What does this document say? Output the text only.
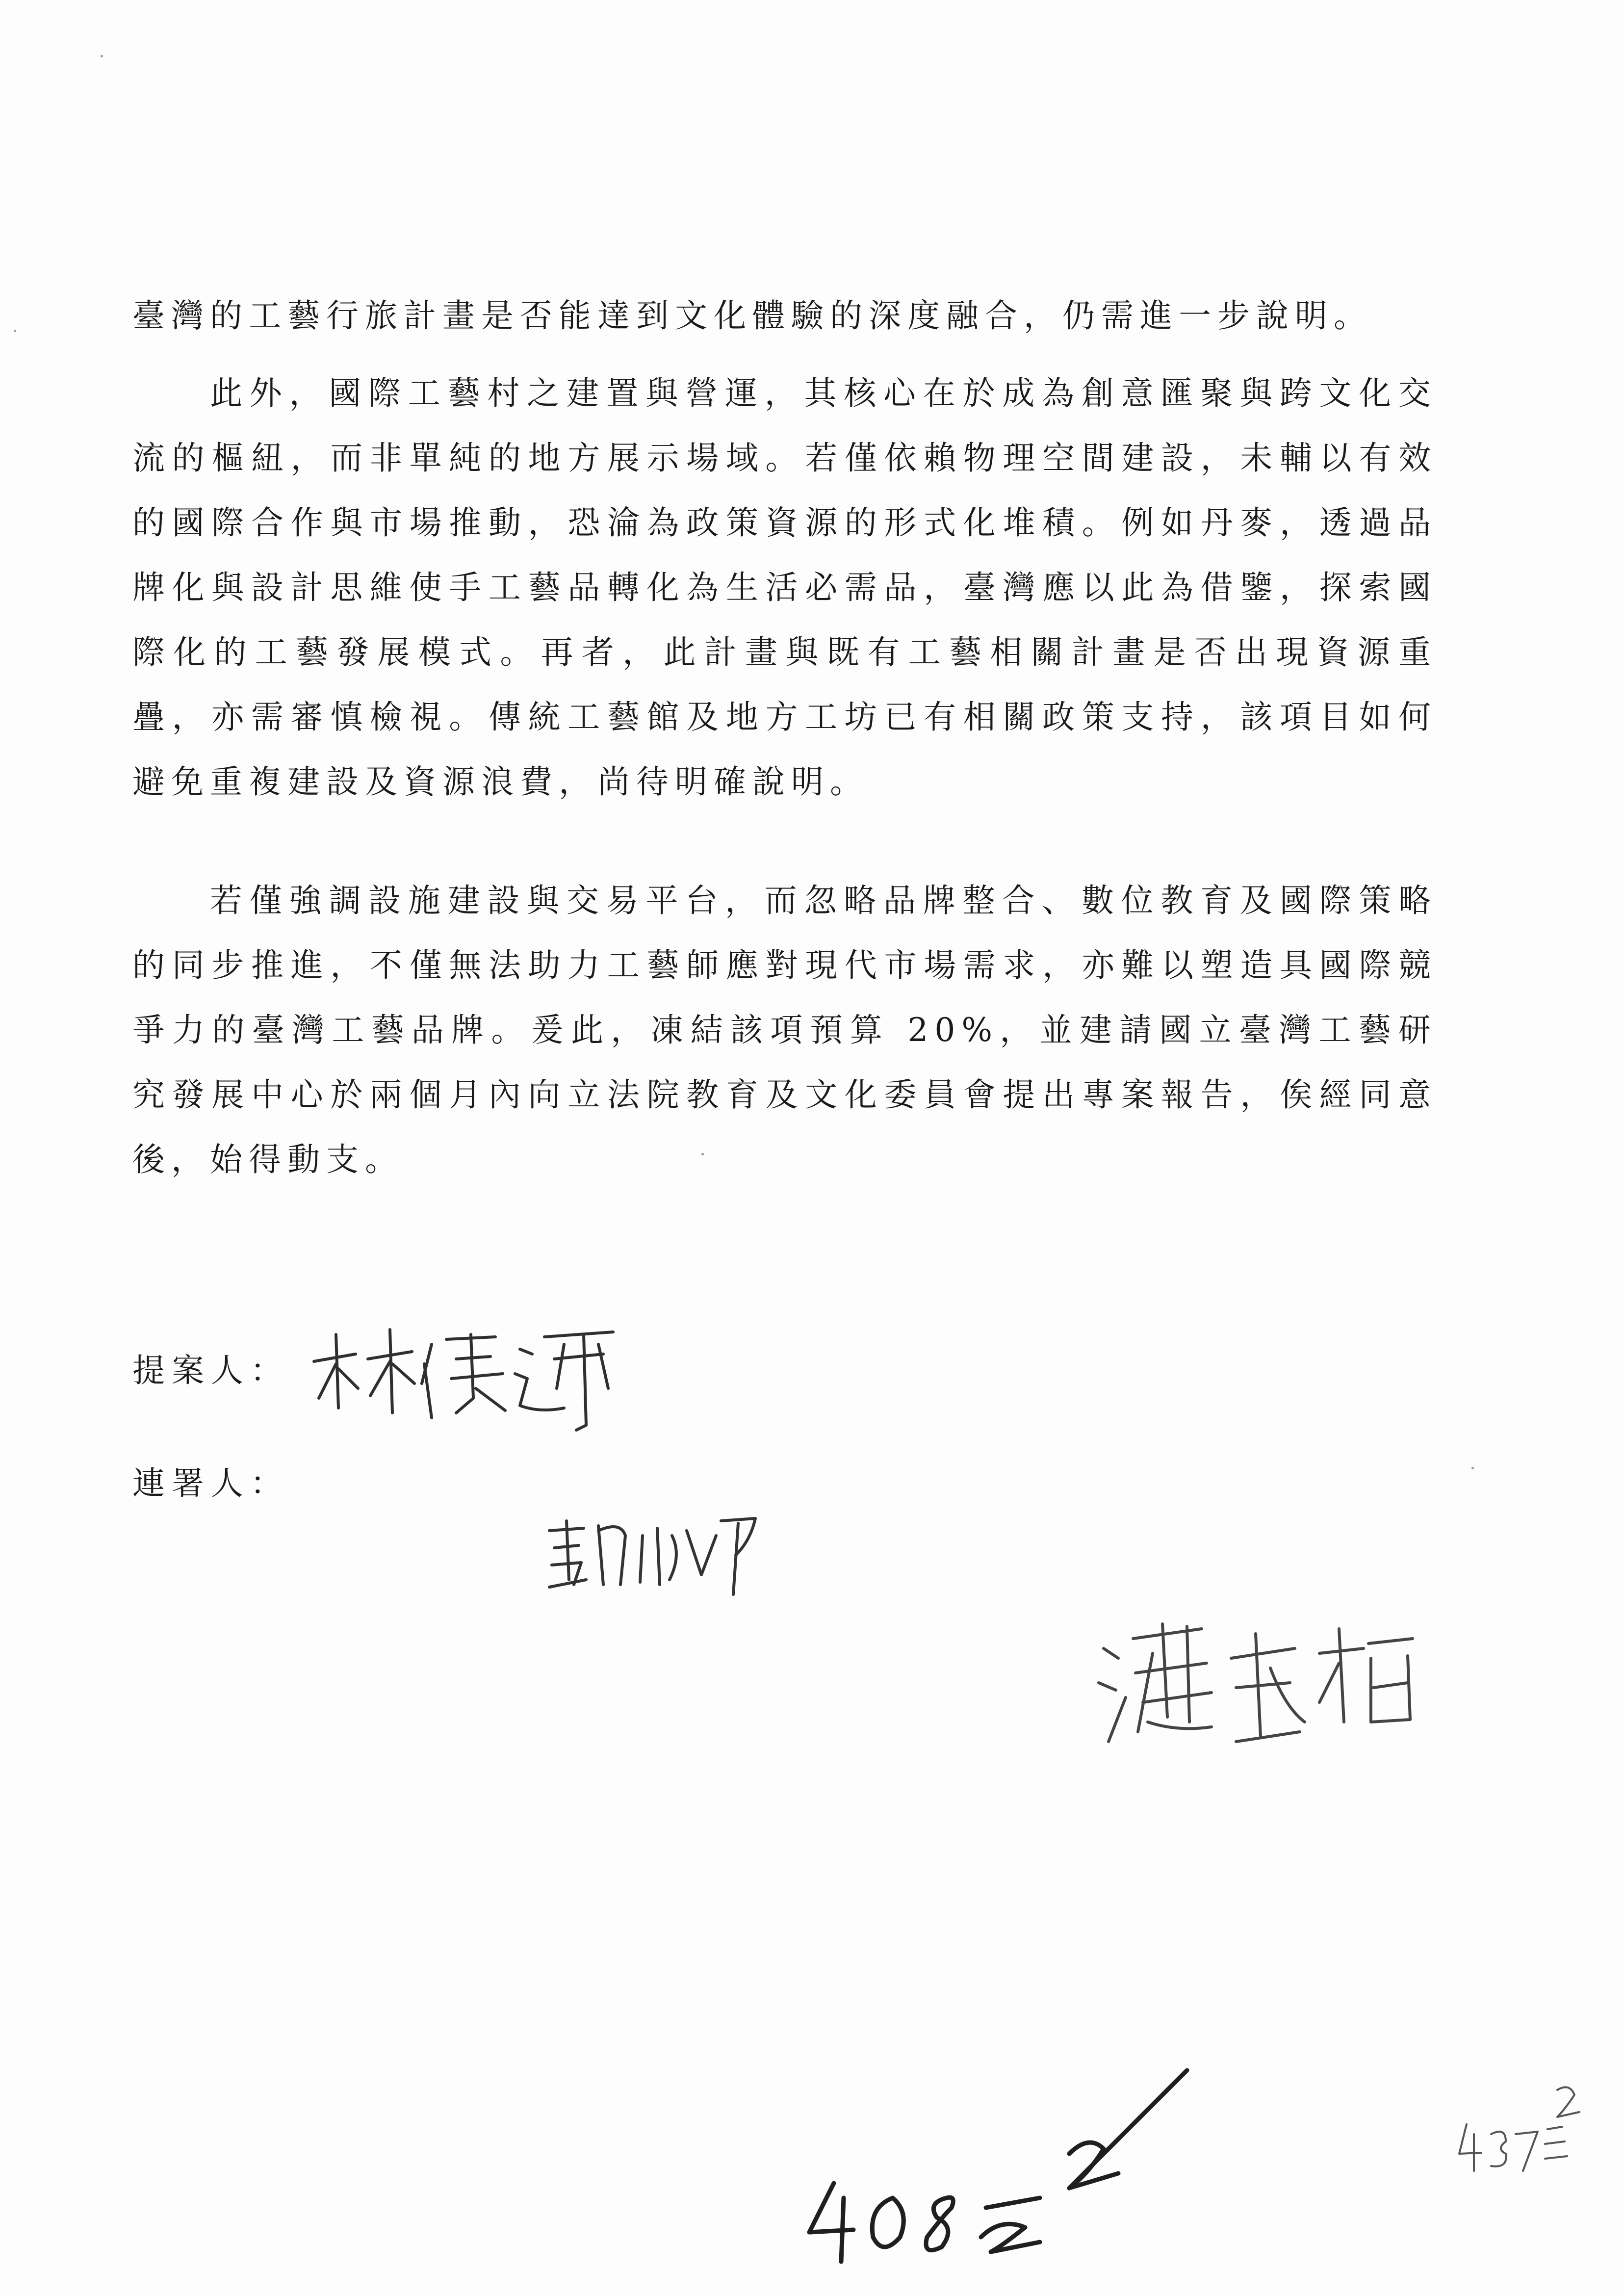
臺灣的工藝行旅計畫是否能達到文化體驗的深度融合，仍需進一步說明。

此外，國際工藝村之建置與營運，其核心在於成為創意匯聚與跨文化交流的樞紐，而非單純的地方展示場域。若僅依賴物理空間建設，未輔以有效的國際合作與市場推動，恐淪為政策資源的形式化堆積。例如丹麥，透過品牌化與設計思維使手工藝品轉化為生活必需品，臺灣應以此為借鑒，探索國際化的工藝發展模式。再者，此計畫與既有工藝相關計畫是否出現資源重疊，亦需審慎檢視。傳統工藝館及地方工坊已有相關政策支持，該項目如何避免重複建設及資源浪費，尚待明確說明。

若僅強調設施建設與交易平台，而忽略品牌整合、數位教育及國際策略的同步推進，不僅無法助力工藝師應對現代市場需求，亦難以塑造具國際競爭力的臺灣工藝品牌。爰此，凍結該項預算 20%，並建請國立臺灣工藝研究發展中心於兩個月內向立法院教育及文化委員會提出專案報告，俟經同意後，始得動支。

提案人：
連署人：
